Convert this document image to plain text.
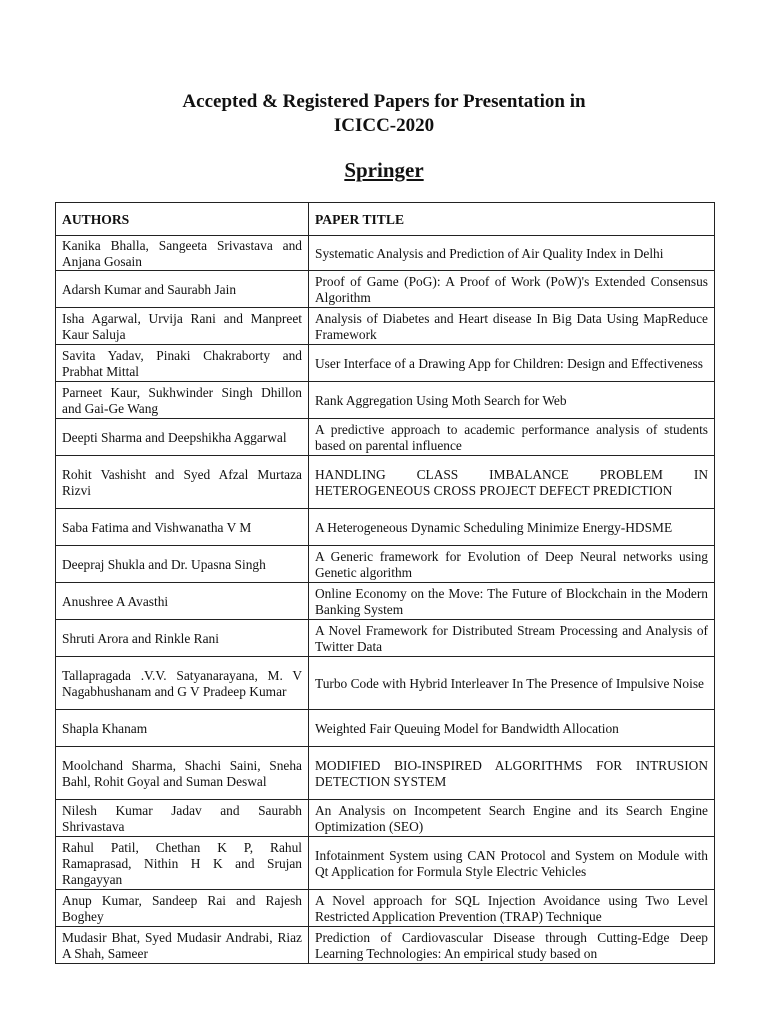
Accepted & Registered Papers for Presentation in
ICICC-2020
Springer
AUTHORS	PAPER TITLE
Kanika Bhalla, Sangeeta Srivastava and Anjana Gosain	Systematic Analysis and Prediction of Air Quality Index in Delhi
Adarsh Kumar and Saurabh Jain	Proof of Game (PoG): A Proof of Work (PoW)'s Extended Consensus Algorithm
Isha Agarwal, Urvija Rani and Manpreet Kaur Saluja	Analysis of Diabetes and Heart disease In Big Data Using MapReduce Framework
Savita Yadav, Pinaki Chakraborty and Prabhat Mittal	User Interface of a Drawing App for Children: Design and Effectiveness
Parneet Kaur, Sukhwinder Singh Dhillon and Gai-Ge Wang	Rank Aggregation Using Moth Search for Web
Deepti Sharma and Deepshikha Aggarwal	A predictive approach to academic performance analysis of students based on parental influence
Rohit Vashisht and Syed Afzal Murtaza Rizvi	HANDLING CLASS IMBALANCE PROBLEM IN HETEROGENEOUS CROSS PROJECT DEFECT PREDICTION
Saba Fatima and Vishwanatha V M	A Heterogeneous Dynamic Scheduling Minimize Energy-HDSME
Deepraj Shukla and Dr. Upasna Singh	A Generic framework for Evolution of Deep Neural networks using Genetic algorithm
Anushree A Avasthi	Online Economy on the Move: The Future of Blockchain in the Modern Banking System
Shruti Arora and Rinkle Rani	A Novel Framework for Distributed Stream Processing and Analysis of Twitter Data
Tallapragada .V.V. Satyanarayana, M. V Nagabhushanam and G V Pradeep Kumar	Turbo Code with Hybrid Interleaver In The Presence of Impulsive Noise
Shapla Khanam	Weighted Fair Queuing Model for Bandwidth Allocation
Moolchand Sharma, Shachi Saini, Sneha Bahl, Rohit Goyal and Suman Deswal	MODIFIED BIO-INSPIRED ALGORITHMS FOR INTRUSION DETECTION SYSTEM
Nilesh Kumar Jadav and Saurabh Shrivastava	An Analysis on Incompetent Search Engine and its Search Engine Optimization (SEO)
Rahul Patil, Chethan K P, Rahul Ramaprasad, Nithin H K and Srujan Rangayyan	Infotainment System using CAN Protocol and System on Module with Qt Application for Formula Style Electric Vehicles
Anup Kumar, Sandeep Rai and Rajesh Boghey	A Novel approach for SQL Injection Avoidance using Two Level Restricted Application Prevention (TRAP) Technique
Mudasir Bhat, Syed Mudasir Andrabi, Riaz A Shah, Sameer	Prediction of Cardiovascular Disease through Cutting-Edge Deep Learning Technologies: An empirical study based on
